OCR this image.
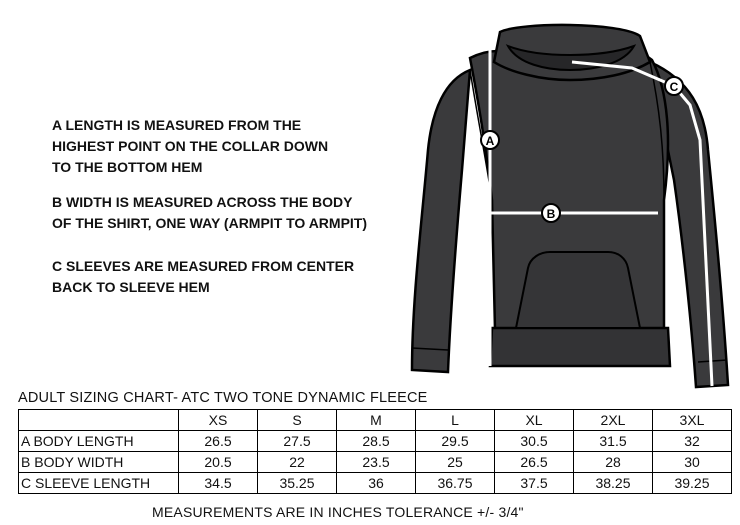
A LENGTH IS MEASURED FROM THE

HIGHEST POINT ON THE COLLAR DOWN

TO THE BOTTOM HEM

B WIDTH IS MEASURED ACROSS THE BODY

OF THE SHIRT, ONE WAY (ARMPIT TO ARMPIT)

C SLEEVES ARE MEASURED FROM CENTER

BACK TO SLEEVE HEM

A
B
C
ADULT SIZING CHART- ATC TWO TONE DYNAMIC FLEECE
	XS	S	M	L	XL	2XL	3XL
A BODY LENGTH	26.5	27.5	28.5	29.5	30.5	31.5	32
B BODY WIDTH	20.5	22	23.5	25	26.5	28	30
C SLEEVE LENGTH	34.5	35.25	36	36.75	37.5	38.25	39.25
MEASUREMENTS ARE IN INCHES TOLERANCE +/- 3/4"
